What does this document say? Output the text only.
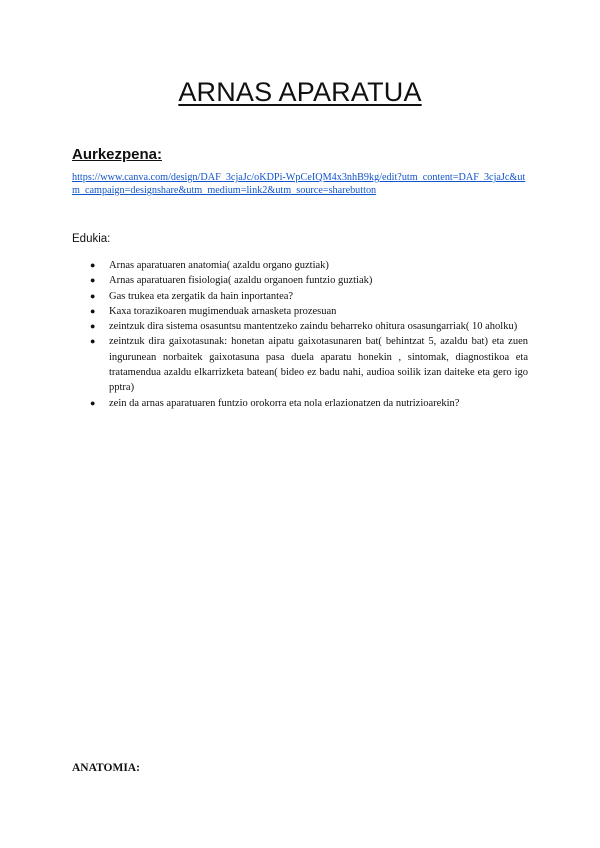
ARNAS APARATUA
Aurkezpena:
https://www.canva.com/design/DAF_3cjaJc/oKDPi-WpCeIQM4x3nhB9kg/edit?utm_content=DAF_3cjaJc&utm_campaign=designshare&utm_medium=link2&utm_source=sharebutton

Edukia:

● Arnas aparatuaren anatomia( azaldu organo guztiak)
● Arnas aparatuaren fisiologia( azaldu organoen funtzio guztiak)
● Gas trukea eta zergatik da hain inportantea?
● Kaxa torazikoaren mugimenduak arnasketa prozesuan
● zeintzuk dira sistema osasuntsu mantentzeko zaindu beharreko ohitura osasungarriak( 10 aholku)
● zeintzuk dira gaixotasunak: honetan aipatu gaixotasunaren bat( behintzat 5, azaldu bat) eta zuen ingurunean norbaitek gaixotasuna pasa duela aparatu honekin , sintomak, diagnostikoa eta tratamendua azaldu elkarrizketa batean( bideo ez badu nahi, audioa soilik izan daiteke eta gero igo pptra)
● zein da arnas aparatuaren funtzio orokorra eta nola erlazionatzen da nutrizioarekin?

ANATOMIA:
